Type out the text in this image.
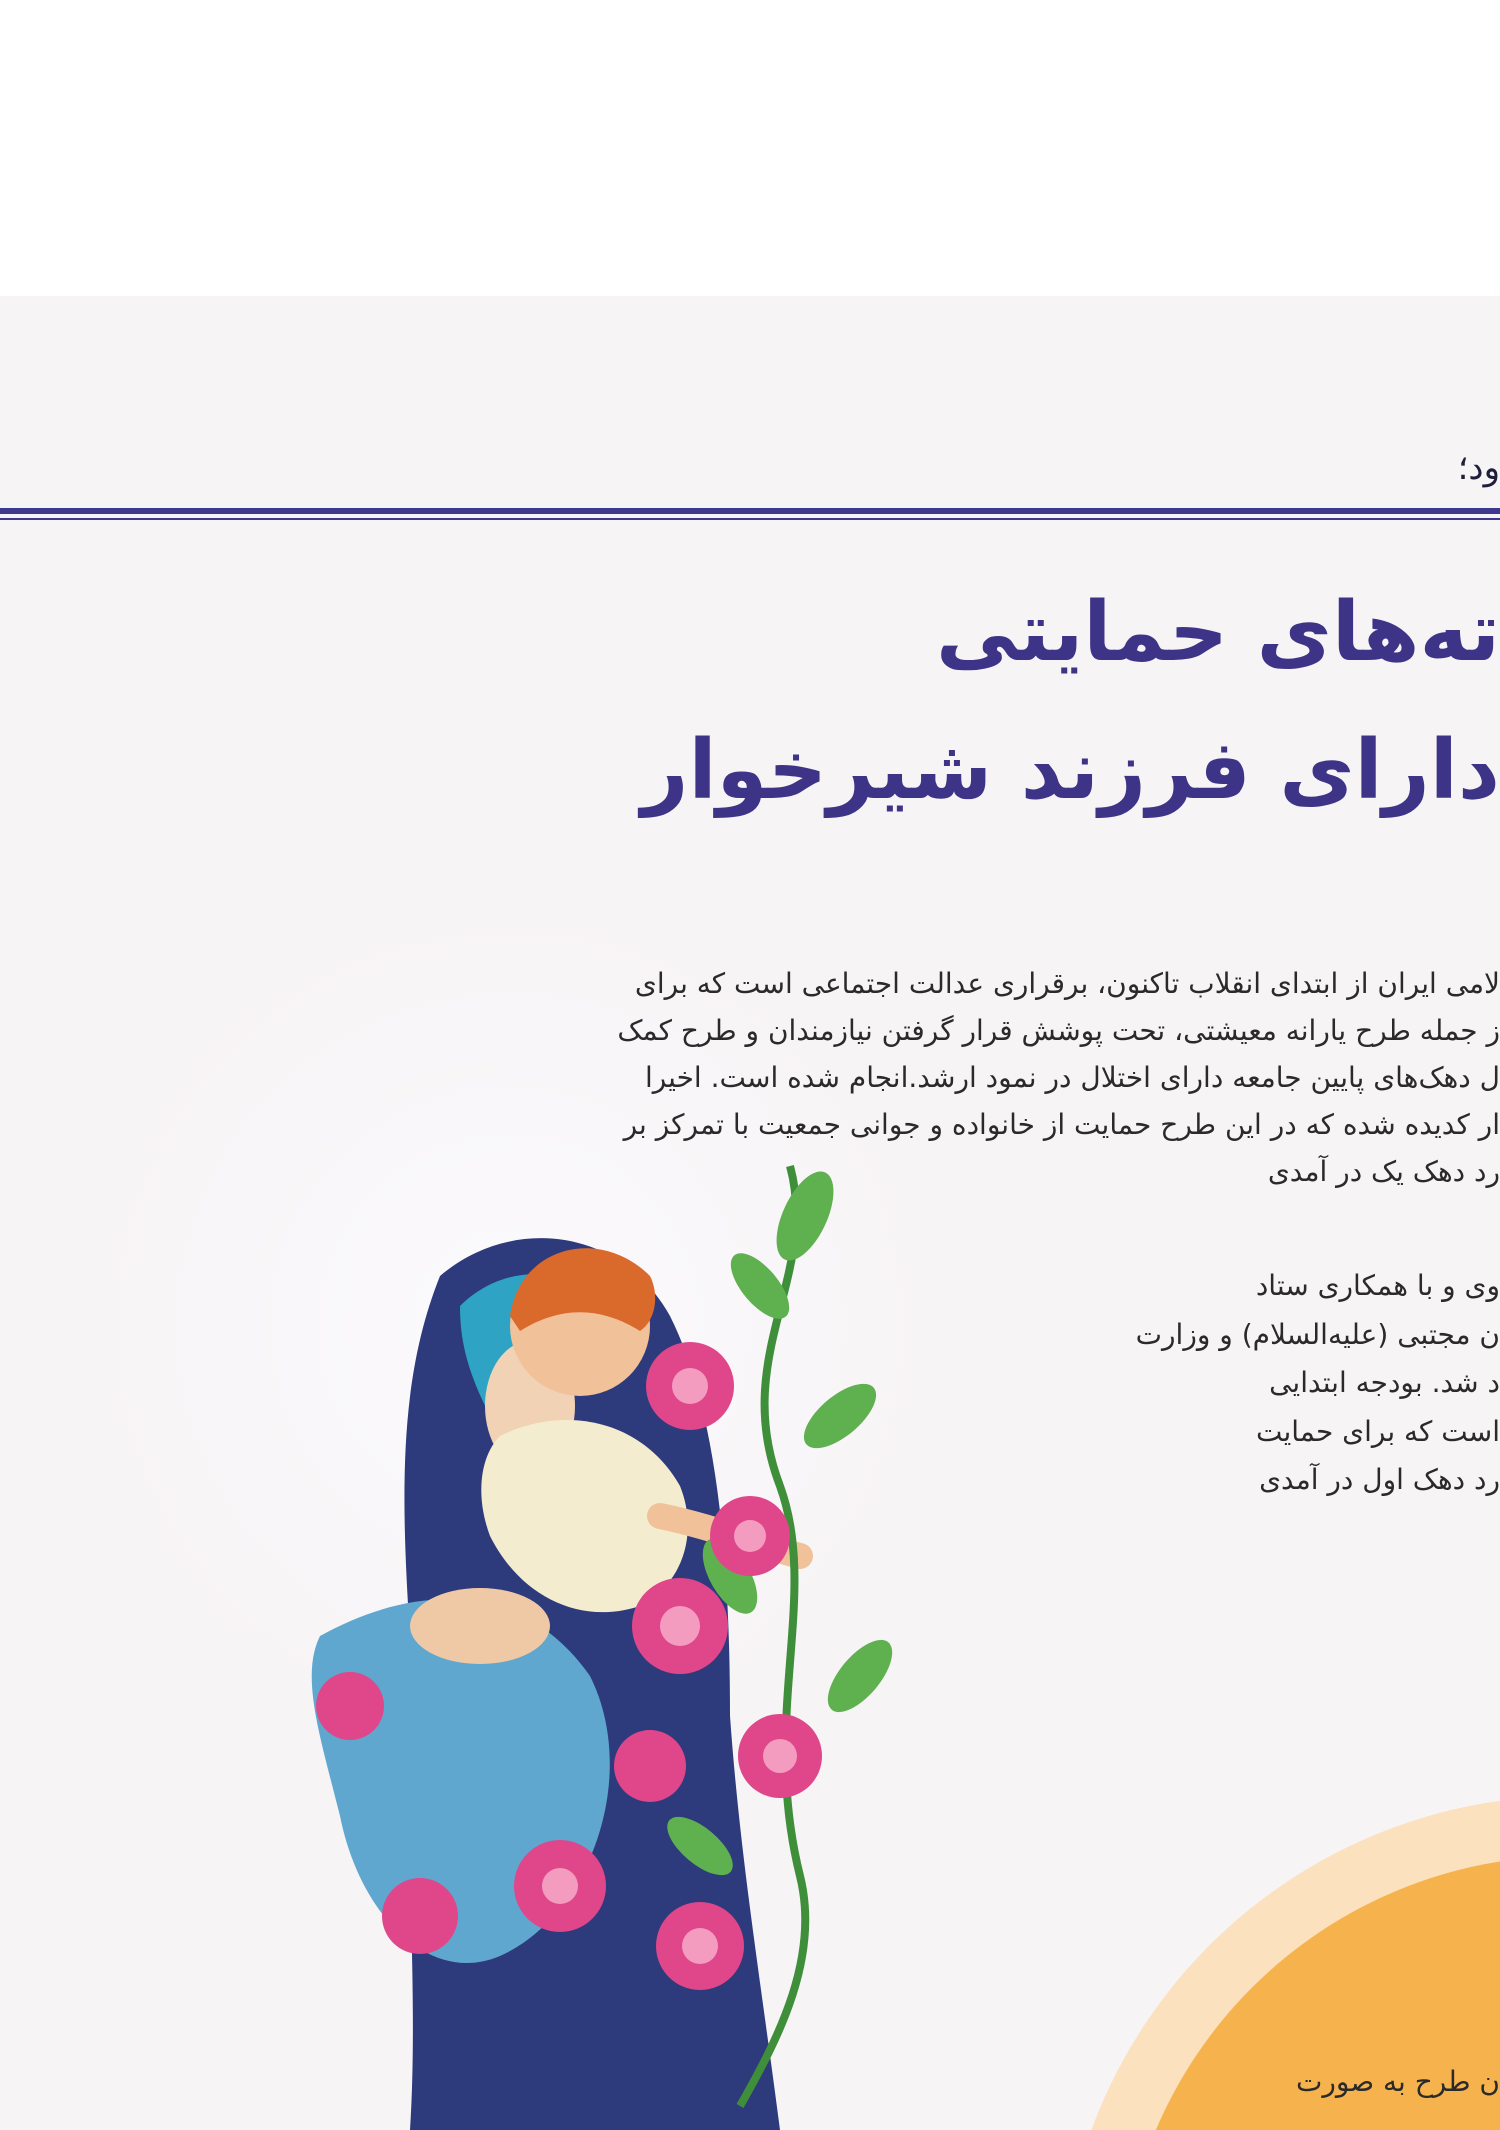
ود؛
ته‌های حمایتی
دارای فرزند شیرخوار
لامی ایران از ابتدای انقلاب تاکنون، برقراری عدالت اجتماعی است که برای
ز جمله طرح یارانه معیشتی، تحت پوشش قرار گرفتن نیازمندان و طرح کمک
ل دهک‌های پایین جامعه دارای اختلال در نمود ارشد.انجام شده است. اخیرا
ار کدیده شده که در این طرح حمایت از خانواده و جوانی جمعیت با تمرکز بر
رد دهک یک در آمدی
وی و با همکاری ستاد
ن مجتبی (علیه‌السلام) و وزارت
د شد. بودجه ابتدایی
است که برای حمایت
رد دهک اول در آمدی
ن طرح به صورت
